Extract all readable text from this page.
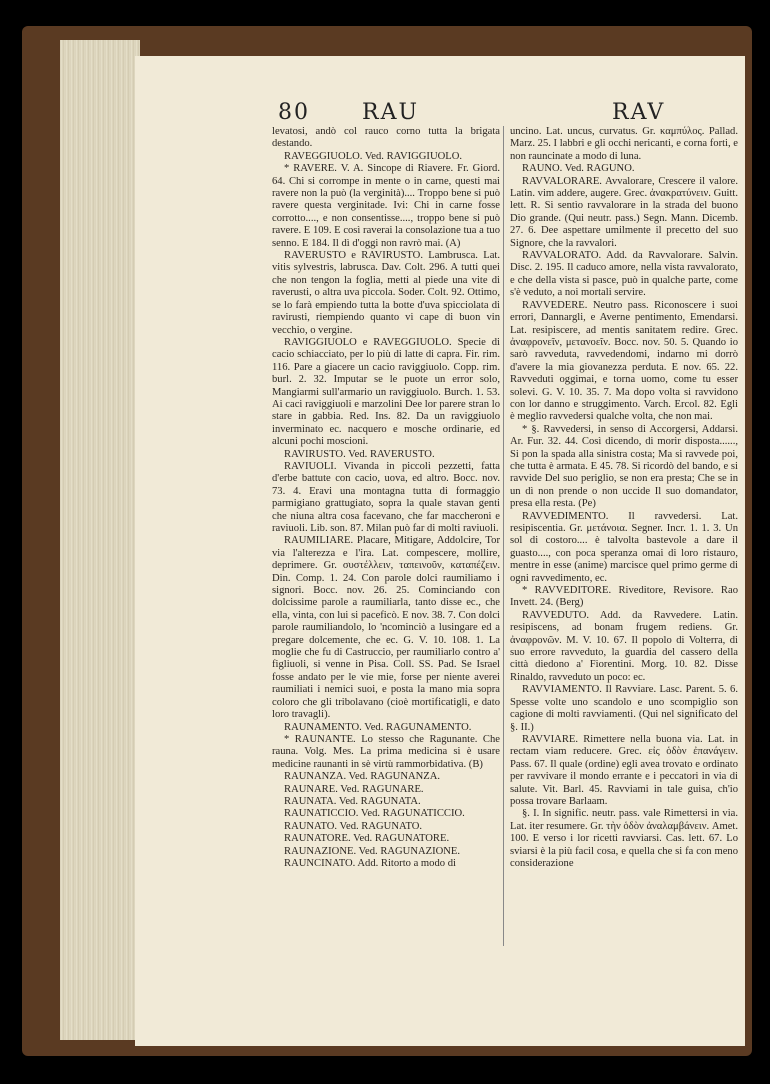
80 RAU	RAV

levatosi, andò col rauco corno tutta la brigata destando.

RAVEGGIUOLO. Ved. RAVIGGIUOLO.

* RAVERE. V. A. Sincope di Riavere. Fr. Giord. 64. Chi si corrompe in mente o in carne, questi mai ravere non la può (la verginità).... Troppo bene si può ravere questa verginitade. Ivi: Chi in carne fosse corrotto...., e non consentisse...., troppo bene si può ravere. E 109. E così raverai la consolazione tua a tuo senno. E 184. Il dì d'oggi non ravrò mai. (A)

RAVERUSTO e RAVIRUSTO. Lambrusca. Lat. vitis sylvestris, labrusca. Dav. Colt. 296. A tutti quei che non tengon la foglia, metti al piede una vite di raverusti, o altra uva piccola. Soder. Colt. 92. Ottimo, se lo farà empiendo tutta la botte d'uva spicciolata di ravirusti, riempiendo quanto vi cape di buon vin vecchio, o vergine.

RAVIGGIUOLO e RAVEGGIUOLO. Specie di cacio schiacciato, per lo più di latte di capra. Fir. rim. 116. Pare a giacere un cacio raviggiuolo. Copp. rim. burl. 2. 32. Imputar se le puote un error solo, Mangiarmi sull'armario un raviggiuolo. Burch. 1. 53. Ai caci raviggiuoli e marzolini Dee lor parere stran lo stare in gabbia. Red. Ins. 82. Da un raviggiuolo inverminato ec. nacquero e mosche ordinarie, ed alcuni pochi moscioni.

RAVIRUSTO. Ved. RAVERUSTO.

RAVIUOLI. Vivanda in piccoli pezzetti, fatta d'erbe battute con cacio, uova, ed altro. Bocc. nov. 73. 4. Eravi una montagna tutta di formaggio parmigiano grattugiato, sopra la quale stavan genti che niuna altra cosa facevano, che far maccheroni e raviuoli. Lib. son. 87. Milan può far di molti raviuoli.

RAUMILIARE. Placare, Mitigare, Addolcire, Tor via l'alterezza e l'ira. Lat. compescere, mollire, deprimere. Gr. συστέλλειν, ταπεινοῦν, καταπέζειν. Din. Comp. 1. 24. Con parole dolci raumiliamo i signori. Bocc. nov. 26. 25. Cominciando con dolcissime parole a raumiliarla, tanto disse ec., che ella, vinta, con lui si paceficò. E nov. 38. 7. Con dolci parole raumiliandolo, lo 'ncominciò a lusingare ed a pregare dolcemente, che ec. G. V. 10. 108. 1. La moglie che fu di Castruccio, per raumiliarlo contro a' figliuoli, si venne in Pisa. Coll. SS. Pad. Se Israel fosse andato per le vie mie, forse per niente averei raumiliati i nemici suoi, e posta la mano mia sopra coloro che gli tribolavano (cioè mortificatigli, e dato loro travagli).

RAUNAMENTO. Ved. RAGUNAMENTO.

* RAUNANTE. Lo stesso che Ragunante. Che rauna. Volg. Mes. La prima medicina si è usare medicine raunanti in sè virtù rammorbidativa. (B)

RAUNANZA. Ved. RAGUNANZA.

RAUNARE. Ved. RAGUNARE.

RAUNATA. Ved. RAGUNATA.

RAUNATICCIO. Ved. RAGUNATICCIO.

RAUNATO. Ved. RAGUNATO.

RAUNATORE. Ved. RAGUNATORE.

RAUNAZIONE. Ved. RAGUNAZIONE.

RAUNCINATO. Add. Ritorto a modo di

uncino. Lat. uncus, curvatus. Gr. καμπύλος. Pallad. Marz. 25. I labbri e gli occhi nericanti, e corna forti, e non rauncinate a modo di luna.

RAUNO. Ved. RAGUNO.

RAVVALORARE. Avvalorare, Crescere il valore. Latin. vim addere, augere. Grec. ἀνακρατύνειν. Guitt. lett. R. Si sentìo ravvalorare in la strada del buono Dio grande. (Qui neutr. pass.) Segn. Mann. Dicemb. 27. 6. Dee aspettare umilmente il precetto del suo Signore, che la ravvalori.

RAVVALORATO. Add. da Ravvalorare. Salvin. Disc. 2. 195. Il caduco amore, nella vista ravvalorato, e che della vista si pasce, può in qualche parte, come s'è veduto, a noi mortali servire.

RAVVEDERE. Neutro pass. Riconoscere i suoi errori, Dannargli, e Averne pentimento, Emendarsi. Lat. resipiscere, ad mentis sanitatem redire. Grec. ἀναφρονεῖν, μετανοεῖν. Bocc. nov. 50. 5. Quando io sarò ravveduta, ravvedendomi, indarno mi dorrò d'avere la mia giovanezza perduta. E nov. 65. 22. Ravveduti oggimai, e torna uomo, come tu esser solevi. G. V. 10. 35. 7. Ma dopo volta si ravvidono con lor danno e struggimento. Varch. Ercol. 82. Egli è meglio ravvedersi qualche volta, che non mai.

* §. Ravvedersi, in senso di Accorgersi, Addarsi. Ar. Fur. 32. 44. Così dicendo, di morir disposta......, Si pon la spada alla sinistra costa; Ma si ravvede poi, che tutta è armata. E 45. 78. Si ricordò del bando, e si ravvide Del suo periglio, se non era presta; Che se in un dì non prende o non uccide Il suo domandator, presa ella resta. (Pe)

RAVVEDIMENTO. Il ravvedersi. Lat. resipiscentia. Gr. μετάνοια. Segner. Incr. 1. 1. 3. Un sol di costoro.... è talvolta bastevole a dare il guasto...., con poca speranza omai di loro ristauro, mentre in esse (anime) marcisce quel primo germe di ogni ravvedimento, ec.

* RAVVEDITORE. Riveditore, Revisore. Rao Invett. 24. (Berg)

RAVVEDUTO. Add. da Ravvedere. Latin. resipiscens, ad bonam frugem rediens. Gr. ἀναφρονῶν. M. V. 10. 67. Il popolo di Volterra, di suo errore ravveduto, la guardia del cassero della città diedono a' Fiorentini. Morg. 10. 82. Disse Rinaldo, ravveduto un poco: ec.

RAVVIAMENTO. Il Ravviare. Lasc. Parent. 5. 6. Spesse volte uno scandolo e uno scompiglio son cagione di molti ravviamenti. (Qui nel significato del §. II.)

RAVVIARE. Rimettere nella buona via. Lat. in rectam viam reducere. Grec. εἰς ὁδὸν ἐπανάγειν. Pass. 67. Il quale (ordine) egli avea trovato e ordinato per ravvivare il mondo errante e i peccatori in via di salute. Vit. Barl. 45. Ravviami in tale guisa, ch'io possa trovare Barlaam.

§. I. In signific. neutr. pass. vale Rimettersi in via. Lat. iter resumere. Gr. τὴν ὁδὸν ἀναλαμβάνειν. Amet. 100. E verso i lor ricetti ravviarsi. Cas. lett. 67. Lo sviarsi è la più facil cosa, e quella che si fa con meno considerazione
